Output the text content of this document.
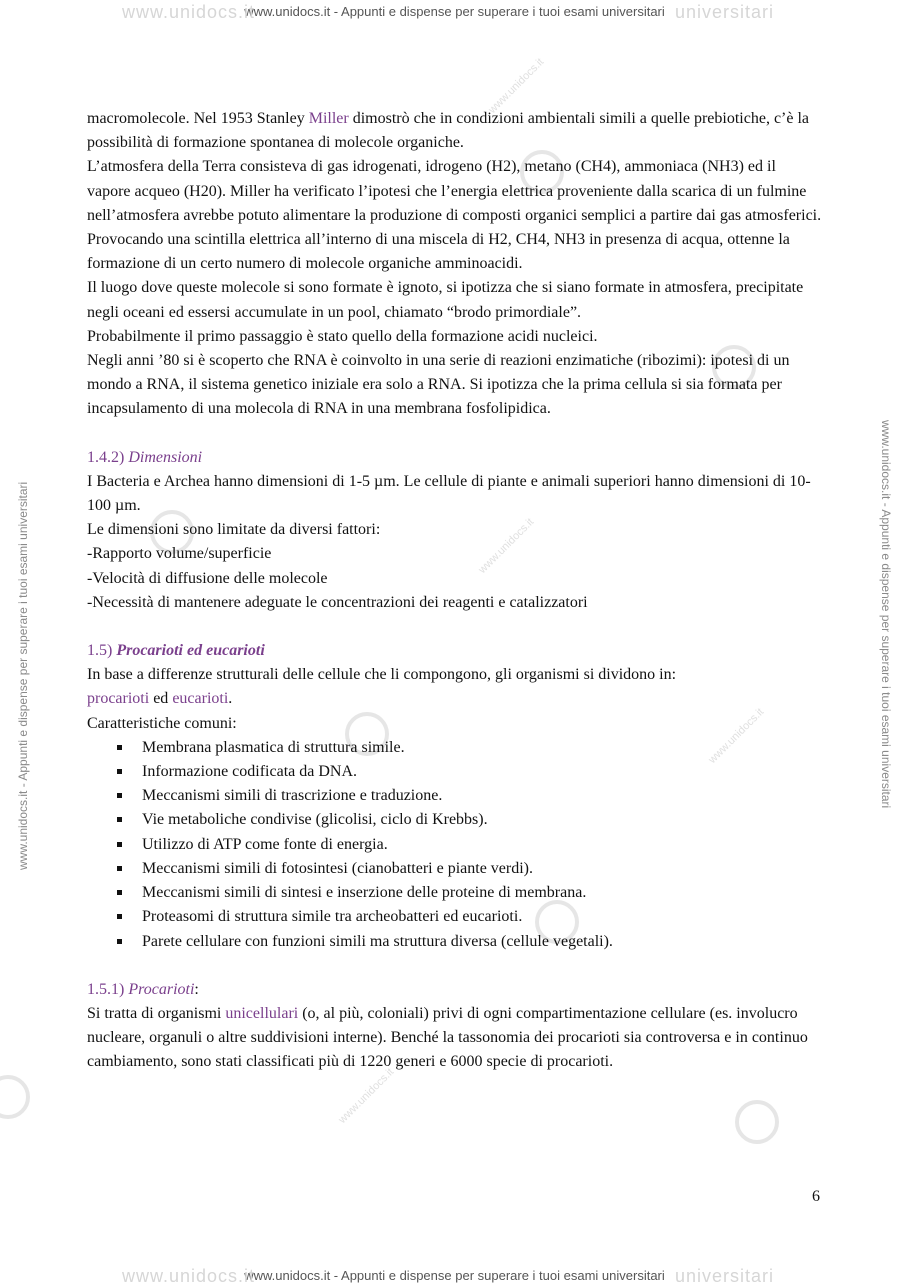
www.unidocs.it
www.unidocs.it - Appunti e dispense per superare i tuoi esami universitari universitari
www.unidocs.it - Appunti e dispense per superare i tuoi esami universitari	www.unidocs.it - Appunti e dispense per superare i tuoi esami universitari
www.unidocs.it
www.unidocs.it
www.unidocs.it
www.unidocs.it

macromolecole. Nel 1953 Stanley Miller dimostrò che in condizioni ambientali simili a quelle prebiotiche, c’è la possibilità di formazione spontanea di molecole organiche.

L’atmosfera della Terra consisteva di gas idrogenati, idrogeno (H2), metano (CH4), ammoniaca (NH3) ed il vapore acqueo (H20). Miller ha verificato l’ipotesi che l’energia elettrica proveniente dalla scarica di un fulmine nell’atmosfera avrebbe potuto alimentare la produzione di composti organici semplici a partire dai gas atmosferici.

Provocando una scintilla elettrica all’interno di una miscela di H2, CH4, NH3 in presenza di acqua, ottenne la formazione di un certo numero di molecole organiche amminoacidi.

Il luogo dove queste molecole si sono formate è ignoto, si ipotizza che si siano formate in atmosfera, precipitate negli oceani ed essersi accumulate in un pool, chiamato “brodo primordiale”.

Probabilmente il primo passaggio è stato quello della formazione acidi nucleici.

Negli anni ’80 si è scoperto che RNA è coinvolto in una serie di reazioni enzimatiche (ribozimi): ipotesi di un mondo a RNA, il sistema genetico iniziale era solo a RNA. Si ipotizza che la prima cellula si sia formata per incapsulamento di una molecola di RNA in una membrana fosfolipidica.

1.4.2) Dimensioni

I Bacteria e Archea hanno dimensioni di 1-5 µm. Le cellule di piante e animali superiori hanno dimensioni di 10-100 µm.

Le dimensioni sono limitate da diversi fattori:

-Rapporto volume/superficie

-Velocità di diffusione delle molecole

-Necessità di mantenere adeguate le concentrazioni dei reagenti e catalizzatori

1.5) Procarioti ed eucarioti

In base a differenze strutturali delle cellule che li compongono, gli organismi si dividono in:

procarioti ed eucarioti.

Caratteristiche comuni:

Membrana plasmatica di struttura simile.
Informazione codificata da DNA.
Meccanismi simili di trascrizione e traduzione.
Vie metaboliche condivise (glicolisi, ciclo di Krebbs).
Utilizzo di ATP come fonte di energia.
Meccanismi simili di fotosintesi (cianobatteri e piante verdi).
Meccanismi simili di sintesi e inserzione delle proteine di membrana.
Proteasomi di struttura simile tra archeobatteri ed eucarioti.
Parete cellulare con funzioni simili ma struttura diversa (cellule vegetali).

1.5.1) Procarioti:

Si tratta di organismi unicellulari (o, al più, coloniali) privi di ogni compartimentazione cellulare (es. involucro nucleare, organuli o altre suddivisioni interne). Benché la tassonomia dei procarioti sia controversa e in continuo cambiamento, sono stati classificati più di 1220 generi e 6000 specie di procarioti.

6
www.unidocs.it
www.unidocs.it - Appunti e dispense per superare i tuoi esami universitari universitari
